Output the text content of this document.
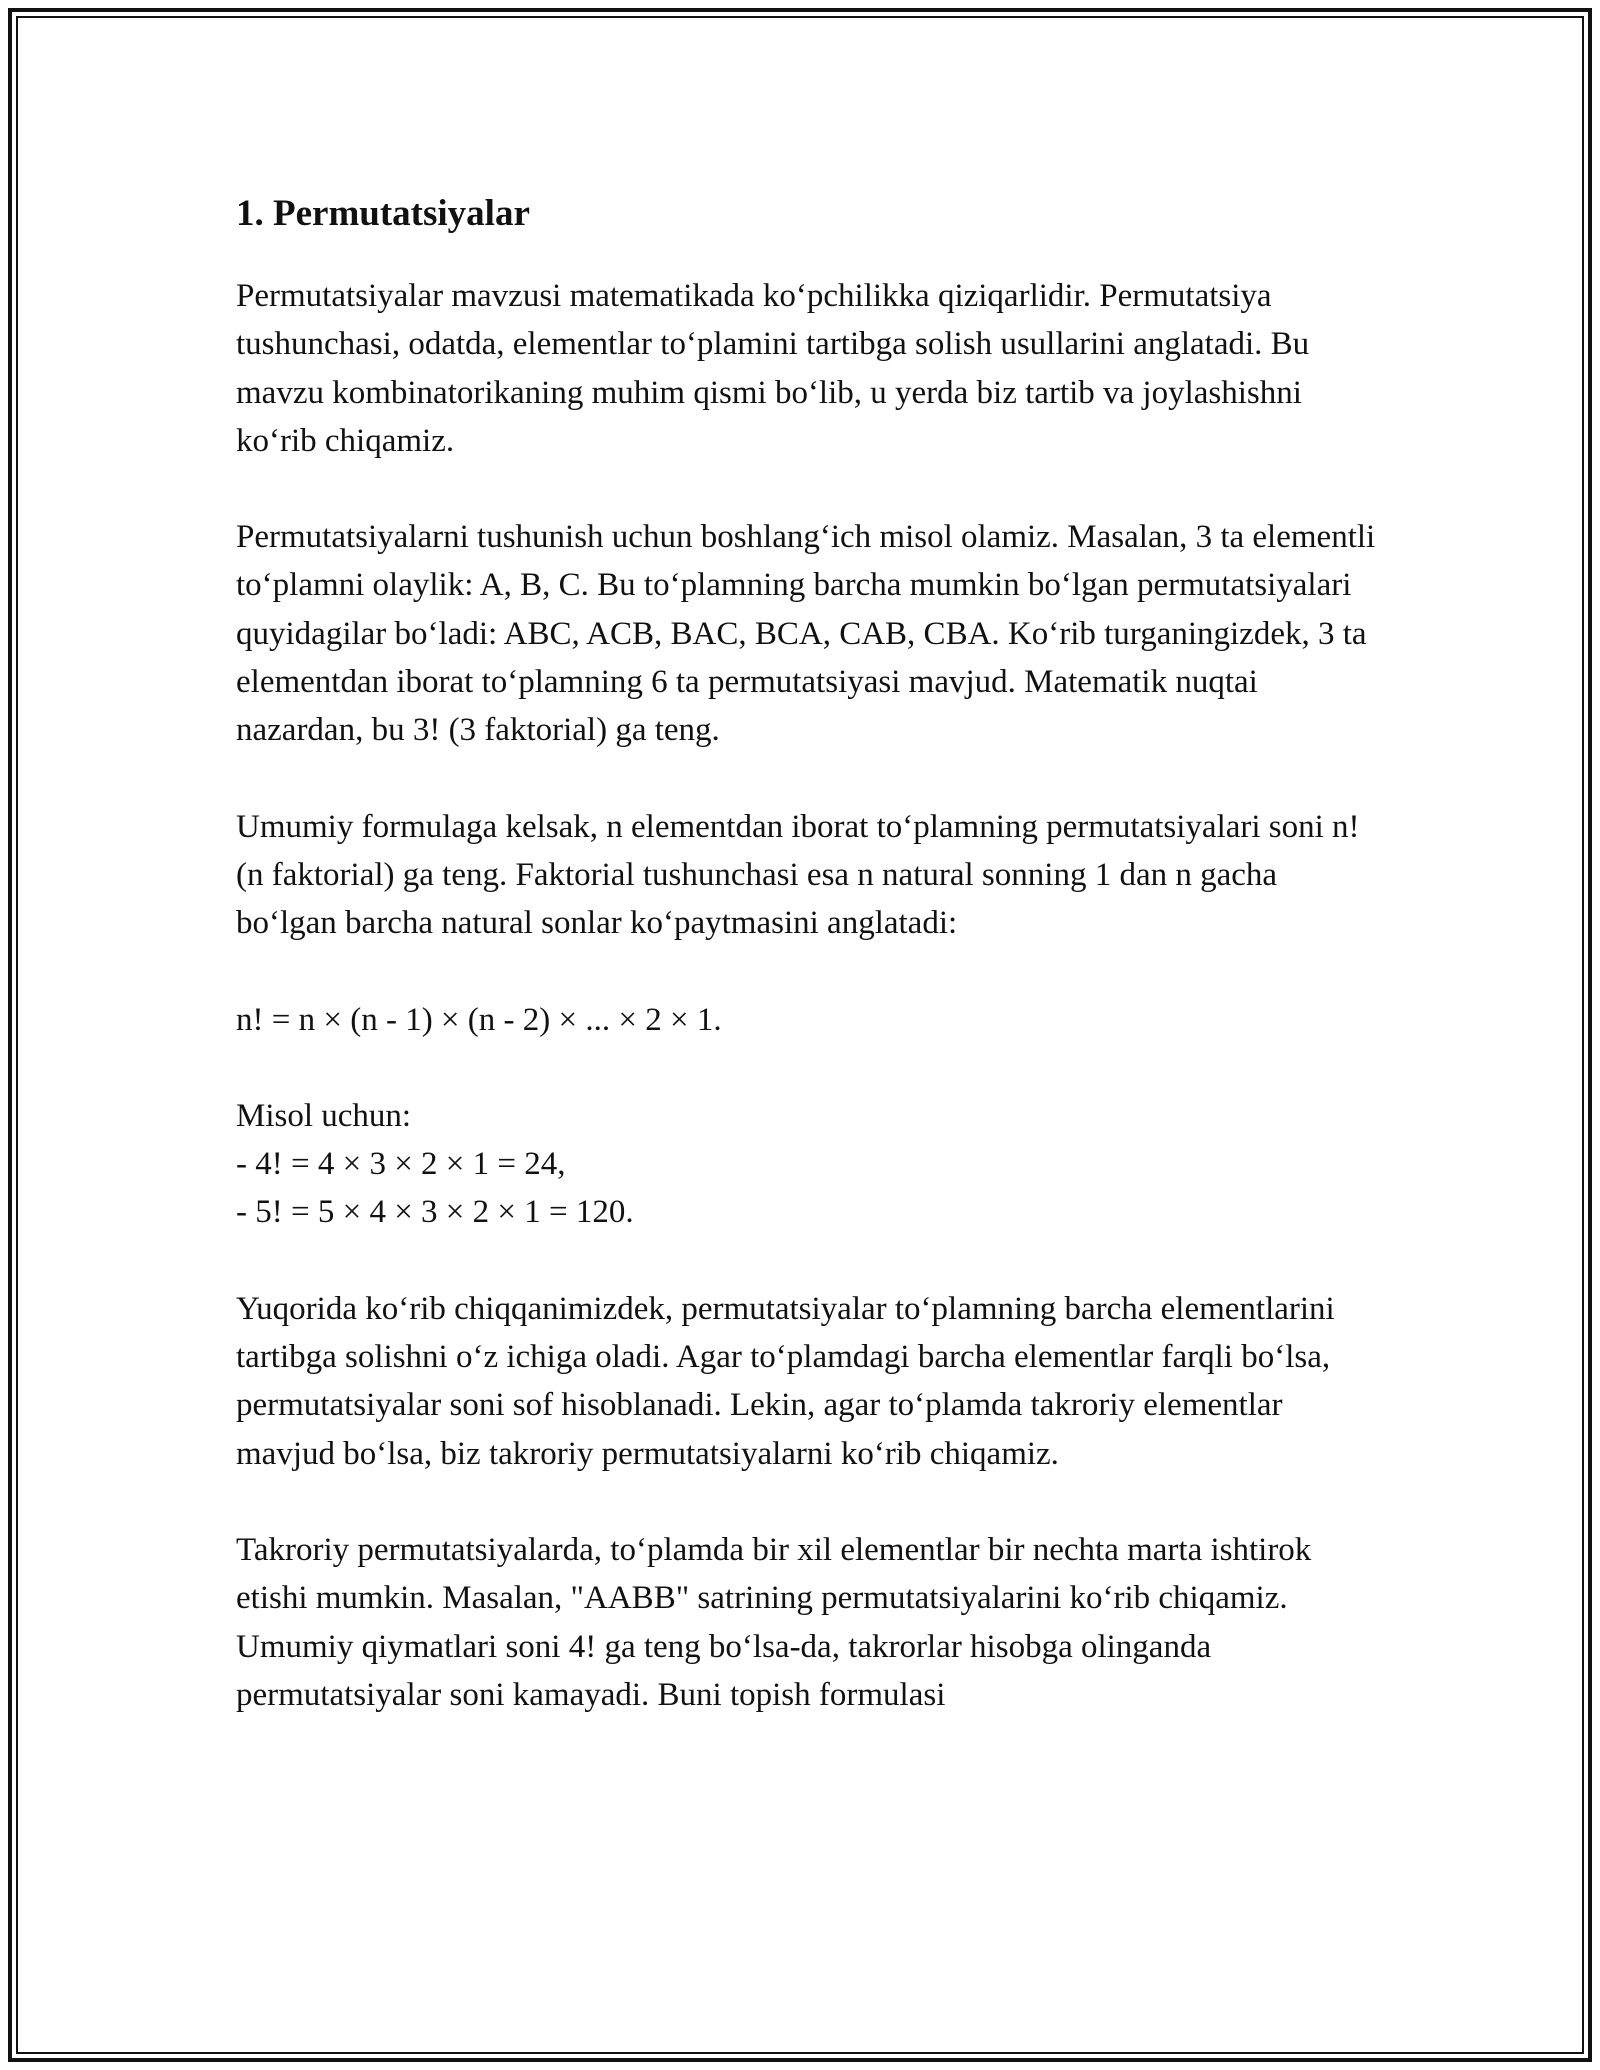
1. Permutatsiyalar

Permutatsiyalar mavzusi matematikada ko‘pchilikka qiziqarlidir. Permutatsiya tushunchasi, odatda, elementlar to‘plamini tartibga solish usullarini anglatadi. Bu mavzu kombinatorikaning muhim qismi bo‘lib, u yerda biz tartib va joylashishni ko‘rib chiqamiz.

Permutatsiyalarni tushunish uchun boshlang‘ich misol olamiz. Masalan, 3 ta elementli to‘plamni olaylik: A, B, C. Bu to‘plamning barcha mumkin bo‘lgan permutatsiyalari quyidagilar bo‘ladi: ABC, ACB, BAC, BCA, CAB, CBA. Ko‘rib turganingizdek, 3 ta elementdan iborat to‘plamning 6 ta permutatsiyasi mavjud. Matematik nuqtai nazardan, bu 3! (3 faktorial) ga teng.

Umumiy formulaga kelsak, n elementdan iborat to‘plamning permutatsiyalari soni n! (n faktorial) ga teng. Faktorial tushunchasi esa n natural sonning 1 dan n gacha bo‘lgan barcha natural sonlar ko‘paytmasini anglatadi:

n! = n × (n - 1) × (n - 2) × ... × 2 × 1.

Misol uchun:

- 4! = 4 × 3 × 2 × 1 = 24,

- 5! = 5 × 4 × 3 × 2 × 1 = 120.

Yuqorida ko‘rib chiqqanimizdek, permutatsiyalar to‘plamning barcha elementlarini tartibga solishni o‘z ichiga oladi. Agar to‘plamdagi barcha elementlar farqli bo‘lsa, permutatsiyalar soni sof hisoblanadi. Lekin, agar to‘plamda takroriy elementlar mavjud bo‘lsa, biz takroriy permutatsiyalarni ko‘rib chiqamiz.

Takroriy permutatsiyalarda, to‘plamda bir xil elementlar bir nechta marta ishtirok etishi mumkin. Masalan, "AABB" satrining permutatsiyalarini ko‘rib chiqamiz. Umumiy qiymatlari soni 4! ga teng bo‘lsa-da, takrorlar hisobga olinganda permutatsiyalar soni kamayadi. Buni topish formulasi
